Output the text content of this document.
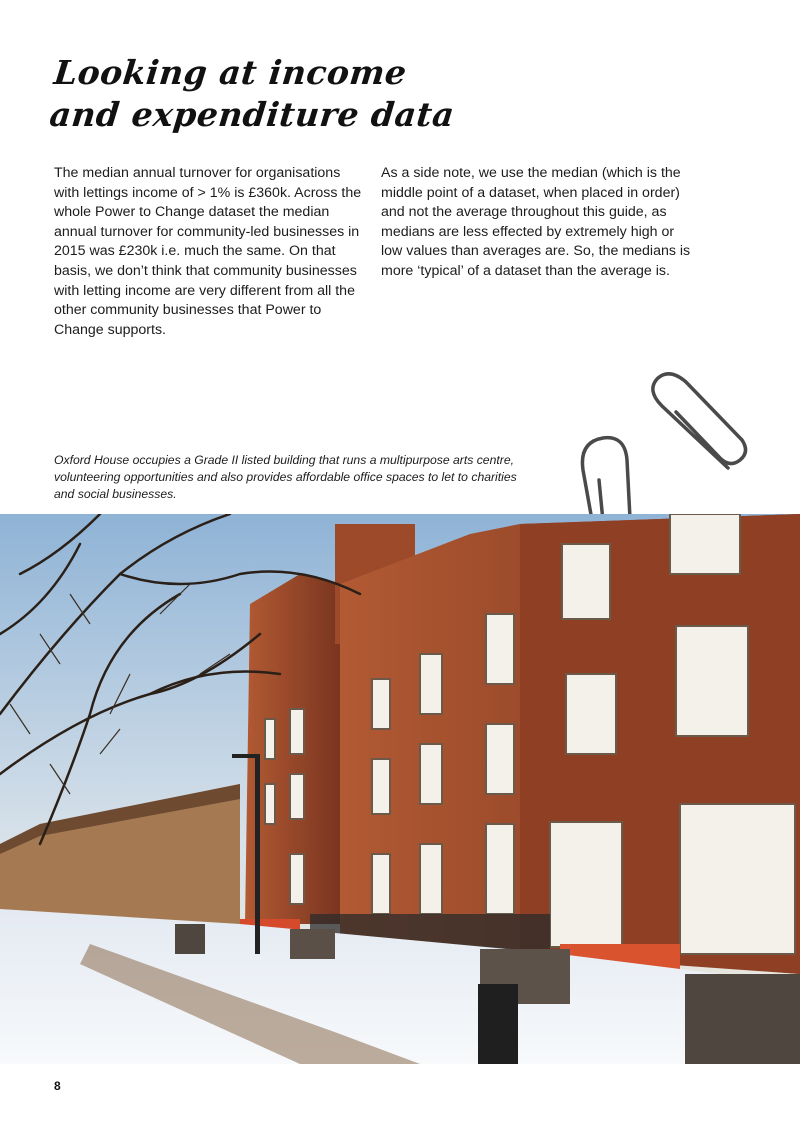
Looking at income
and expenditure data
The median annual turnover for organisations with lettings income of > 1% is £360k. Across the whole Power to Change dataset the median annual turnover for community-led businesses in 2015 was £230k i.e. much the same. On that basis, we don’t think that community businesses with letting income are very different from all the other community businesses that Power to Change supports.
As a side note, we use the median (which is the middle point of a dataset, when placed in order) and not the average throughout this guide, as medians are less effected by extremely high or low values than averages are. So, the medians is more ‘typical’ of a dataset than the average is.
Oxford House occupies a Grade II listed building that runs a multipurpose arts centre, volunteering opportunities and also provides affordable office spaces to let to charities and social businesses.
8
